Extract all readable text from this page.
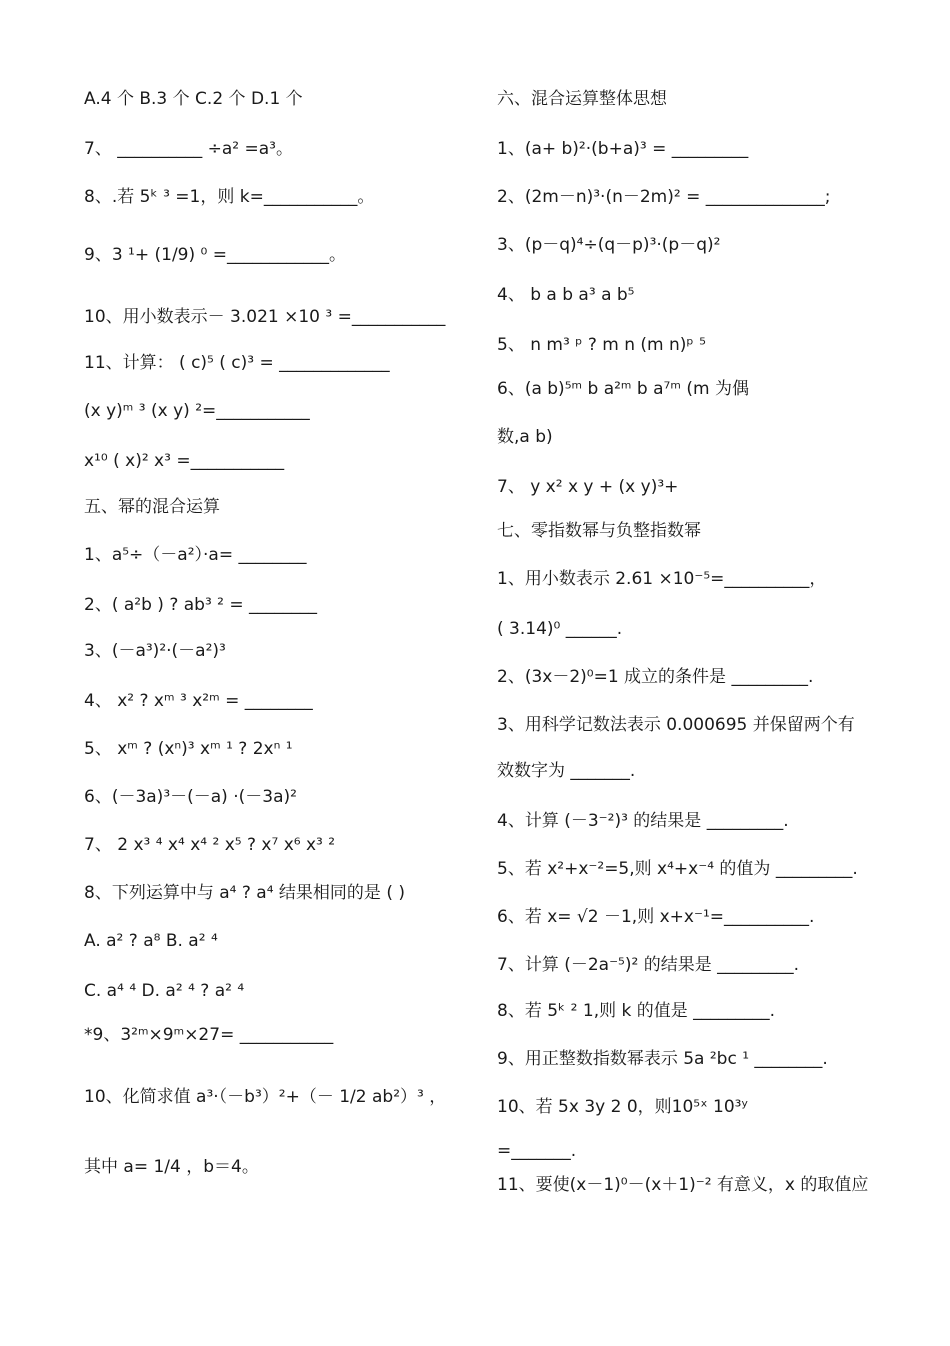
A.4 个 B.3 个 C.2 个 D.1 个
7、 __________ ÷a² =a³。
8、.若 5ᵏ ³ =1，则 k=___________。
9、3 ¹+ (1/9) ⁰ =____________。
10、用小数表示－ 3.021 ×10 ³ =___________
11、计算： ( c)⁵ ( c)³ = _____________
(x y)ᵐ ³ (x y) ²=___________
x¹⁰ ( x)² x³ =___________
五、幂的混合运算
1、a⁵÷（－a²）·a= ________
2、( a²b ) ? ab³ ² = ________
3、(－a³)²·(－a²)³
4、 x² ? xᵐ ³ x²ᵐ = ________
5、 xᵐ ? (xⁿ)³ xᵐ ¹ ? 2xⁿ ¹
6、(－3a)³－(－a) ·(－3a)²
7、 2 x³ ⁴ x⁴ x⁴ ² x⁵ ? x⁷ x⁶ x³ ²
8、下列运算中与 a⁴ ? a⁴ 结果相同的是 ( )
A. a² ? a⁸ B. a² ⁴
C. a⁴ ⁴ D. a² ⁴ ? a² ⁴
*9、3²ᵐ×9ᵐ×27= ___________
10、化简求值 a³·（－b³）²+（－ 1/2 ab²）³ ，
其中 a= 1/4 ，b＝4。
六、混合运算整体思想
1、(a+ b)²·(b+a)³ = _________
2、(2m－n)³·(n－2m)² = ______________;
3、(p－q)⁴÷(q－p)³·(p－q)²
4、 b a b a³ a b⁵
5、 n m³ ᵖ ? m n (m n)ᵖ ⁵
6、(a b)⁵ᵐ b a²ᵐ b a⁷ᵐ (m 为偶
数,a b)
7、 y x² x y + (x y)³+
七、零指数幂与负整指数幂
1、用小数表示 2.61 ×10⁻⁵=__________，
( 3.14)⁰ ______.
2、(3x－2)⁰=1 成立的条件是 _________.
3、用科学记数法表示 0.000695 并保留两个有
效数字为 _______.
4、计算 (－3⁻²)³ 的结果是 _________.
5、若 x²+x⁻²=5,则 x⁴+x⁻⁴ 的值为 _________.
6、若 x= √2 －1,则 x+x⁻¹=__________.
7、计算 (－2a⁻⁵)² 的结果是 _________.
8、若 5ᵏ ² 1,则 k 的值是 _________.
9、用正整数指数幂表示 5a ²bc ¹ ________.
10、若 5x 3y 2 0，则10⁵ˣ 10³ʸ
=_______.
11、要使(x－1)⁰－(x＋1)⁻² 有意义，x 的取值应
